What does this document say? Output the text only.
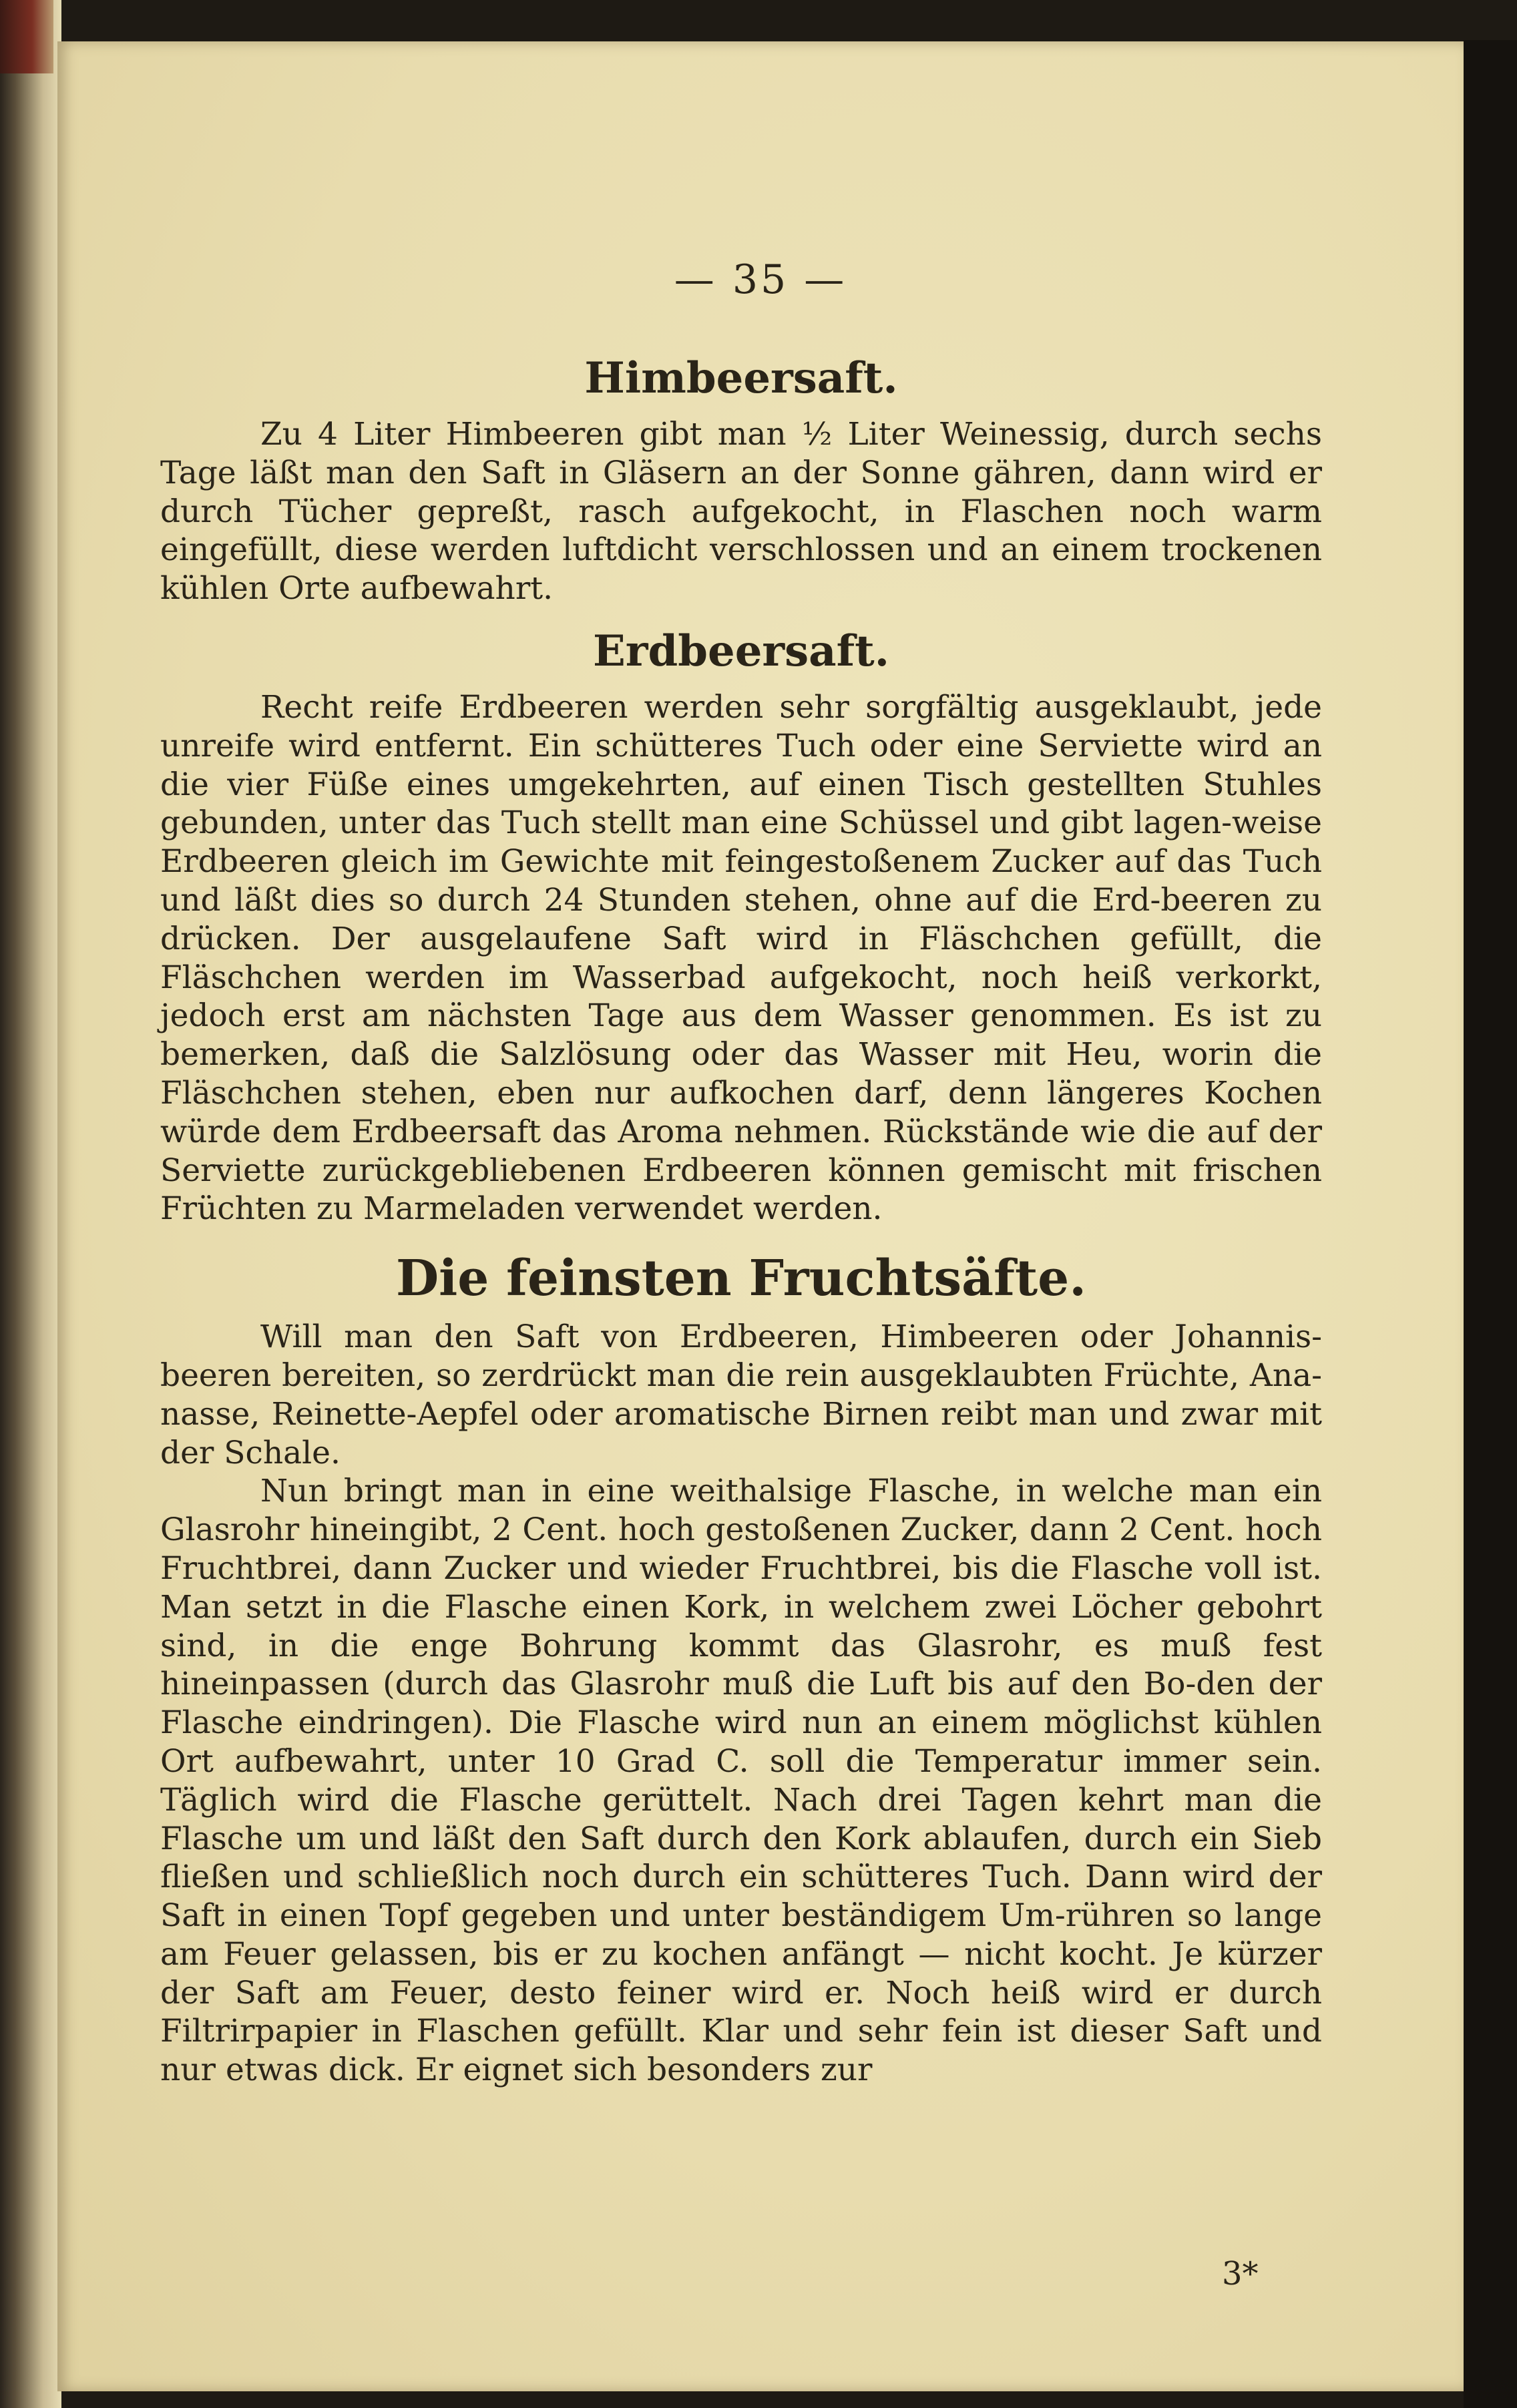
— 35 —
Himbeersaft.

Zu 4 Liter Himbeeren gibt man ½ Liter Weinessig, durch sechs Tage läßt man den Saft in Gläsern an der Sonne gähren, dann wird er durch Tücher gepreßt, rasch aufgekocht, in Flaschen noch warm eingefüllt, diese werden luftdicht verschlossen und an einem trockenen kühlen Orte aufbewahrt.

Erdbeersaft.

Recht reife Erdbeeren werden sehr sorgfältig ausgeklaubt, jede unreife wird entfernt. Ein schütteres Tuch oder eine Serviette wird an die vier Füße eines umgekehrten, auf einen Tisch gestellten Stuhles gebunden, unter das Tuch stellt man eine Schüssel und gibt lagen-weise Erdbeeren gleich im Gewichte mit feingestoßenem Zucker auf das Tuch und läßt dies so durch 24 Stunden stehen, ohne auf die Erd-beeren zu drücken. Der ausgelaufene Saft wird in Fläschchen gefüllt, die Fläschchen werden im Wasserbad aufgekocht, noch heiß verkorkt, jedoch erst am nächsten Tage aus dem Wasser genommen. Es ist zu bemerken, daß die Salzlösung oder das Wasser mit Heu, worin die Fläschchen stehen, eben nur aufkochen darf, denn längeres Kochen würde dem Erdbeersaft das Aroma nehmen. Rückstände wie die auf der Serviette zurückgebliebenen Erdbeeren können gemischt mit frischen Früchten zu Marmeladen verwendet werden.

Die feinsten Fruchtsäfte.

Will man den Saft von Erdbeeren, Himbeeren oder Johannis-beeren bereiten, so zerdrückt man die rein ausgeklaubten Früchte, Ana-nasse, Reinette-Aepfel oder aromatische Birnen reibt man und zwar mit der Schale.

Nun bringt man in eine weithalsige Flasche, in welche man ein Glasrohr hineingibt, 2 Cent. hoch gestoßenen Zucker, dann 2 Cent. hoch Fruchtbrei, dann Zucker und wieder Fruchtbrei, bis die Flasche voll ist. Man setzt in die Flasche einen Kork, in welchem zwei Löcher gebohrt sind, in die enge Bohrung kommt das Glasrohr, es muß fest hineinpassen (durch das Glasrohr muß die Luft bis auf den Bo-den der Flasche eindringen). Die Flasche wird nun an einem möglichst kühlen Ort aufbewahrt, unter 10 Grad C. soll die Temperatur immer sein. Täglich wird die Flasche gerüttelt. Nach drei Tagen kehrt man die Flasche um und läßt den Saft durch den Kork ablaufen, durch ein Sieb fließen und schließlich noch durch ein schütteres Tuch. Dann wird der Saft in einen Topf gegeben und unter beständigem Um-rühren so lange am Feuer gelassen, bis er zu kochen anfängt — nicht kocht. Je kürzer der Saft am Feuer, desto feiner wird er. Noch heiß wird er durch Filtrirpapier in Flaschen gefüllt. Klar und sehr fein ist dieser Saft und nur etwas dick. Er eignet sich besonders zur

3*
